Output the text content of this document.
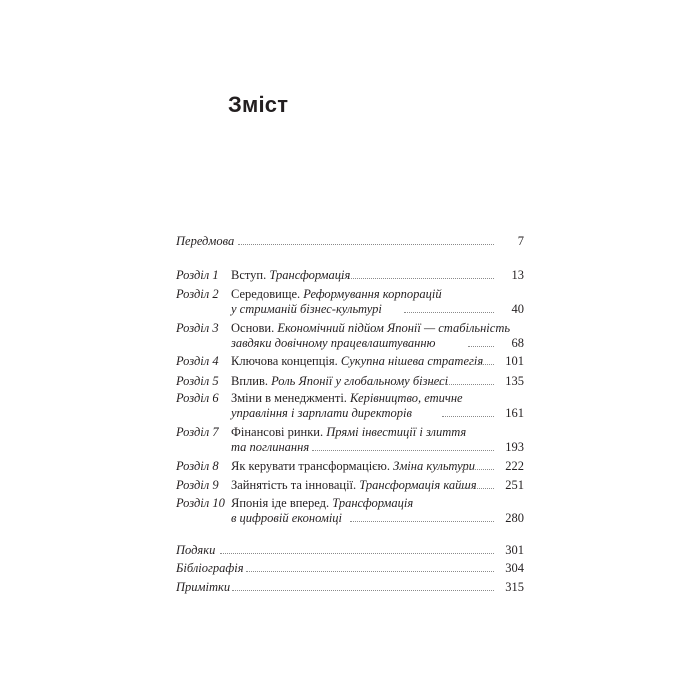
Зміст
Передмова	7
Розділ 1 Вступ. Трансформація	13
Розділ 2 Середовище. Реформування корпорацій
у стриманій бізнес-культурі	40
Розділ 3 Основи. Економічний підйом Японії — стабільність
завдяки довічному працевлаштуванню	68
Розділ 4 Ключова концепція. Сукупна нішева стратегія 101
Розділ 5 Вплив. Роль Японії у глобальному бізнесі	135
Розділ 6 Зміни в менеджменті. Керівництво, етичне
управління і зарплати директорів	161
Розділ 7 Фінансові ринки. Прямі інвестиції і злиття
та поглинання	193
Розділ 8 Як керувати трансформацією. Зміна культури 222
Розділ 9 Зайнятість та інновації. Трансформація кайшя 251
Розділ 10 Японія іде вперед. Трансформація
в цифровій економіці	280
Подяки	301
Бібліографія	304
Примітки	315
